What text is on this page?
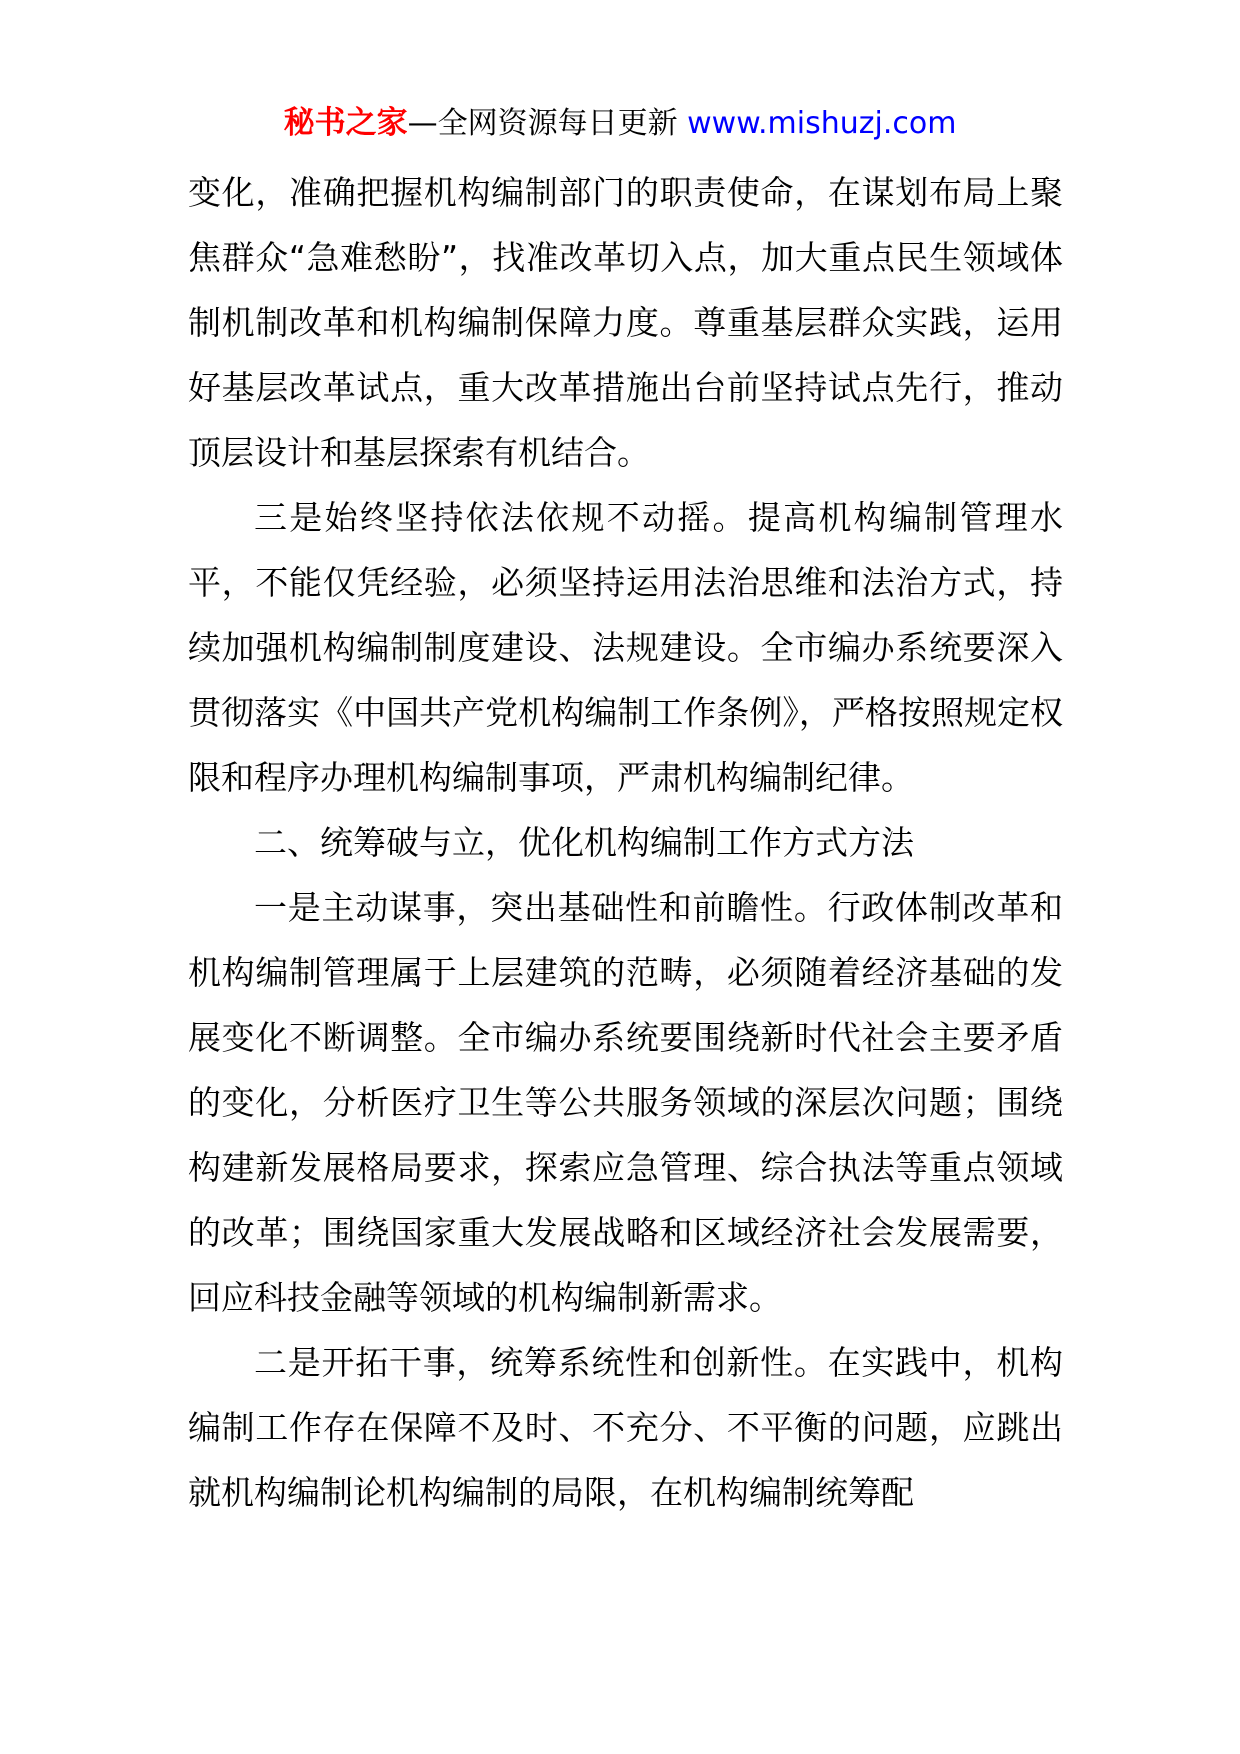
秘书之家—全网资源每日更新 www.mishuzj.com

变化，准确把握机构编制部门的职责使命，在谋划布局上聚焦群众“急难愁盼”，找准改革切入点，加大重点民生领域体制机制改革和机构编制保障力度。尊重基层群众实践，运用好基层改革试点，重大改革措施出台前坚持试点先行，推动顶层设计和基层探索有机结合。

三是始终坚持依法依规不动摇。提高机构编制管理水平，不能仅凭经验，必须坚持运用法治思维和法治方式，持续加强机构编制制度建设、法规建设。全市编办系统要深入贯彻落实《中国共产党机构编制工作条例》，严格按照规定权限和程序办理机构编制事项，严肃机构编制纪律。

二、统筹破与立，优化机构编制工作方式方法

一是主动谋事，突出基础性和前瞻性。行政体制改革和机构编制管理属于上层建筑的范畴，必须随着经济基础的发展变化不断调整。全市编办系统要围绕新时代社会主要矛盾的变化，分析医疗卫生等公共服务领域的深层次问题；围绕构建新发展格局要求，探索应急管理、综合执法等重点领域的改革；围绕国家重大发展战略和区域经济社会发展需要，回应科技金融等领域的机构编制新需求。

二是开拓干事，统筹系统性和创新性。在实践中，机构编制工作存在保障不及时、不充分、不平衡的问题，应跳出就机构编制论机构编制的局限，在机构编制统筹配
